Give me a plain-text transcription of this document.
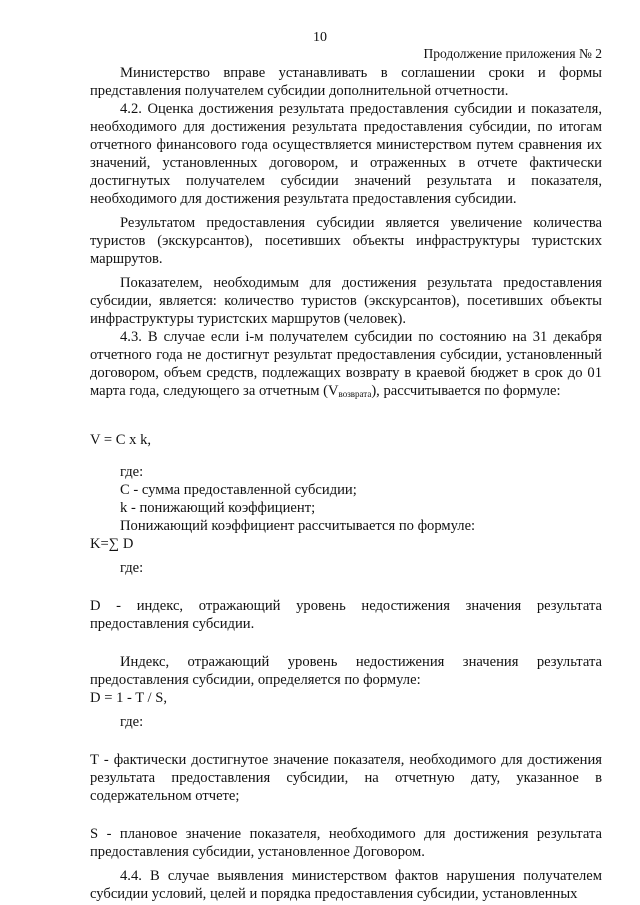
10
Продолжение приложения № 2

Министерство вправе устанавливать в соглашении сроки и формы представления получателем субсидии дополнительной отчетности.

4.2. Оценка достижения результата предоставления субсидии и показателя, необходимого для достижения результата предоставления субсидии, по итогам отчетного финансового года осуществляется министерством путем сравнения их значений, установленных договором, и отраженных в отчете фактически достигнутых получателем субсидии значений результата и показателя, необходимого для достижения результата предоставления субсидии.

Результатом предоставления субсидии является увеличение количества туристов (экскурсантов), посетивших объекты инфраструктуры туристских маршрутов.

Показателем, необходимым для достижения результата предоставления субсидии, является: количество туристов (экскурсантов), посетивших объекты инфраструктуры туристских маршрутов (человек).

4.3. В случае если i-м получателем субсидии по состоянию на 31 декабря отчетного года не достигнут результат предоставления субсидии, установленный договором, объем средств, подлежащих возврату в краевой бюджет в срок до 01 марта года, следующего за отчетным $(V_{возврата})$, рассчитывается по формуле:

V = C x k,

где:

С - сумма предоставленной субсидии;

k - понижающий коэффициент;

Понижающий коэффициент рассчитывается по формуле:

K=∑ D

где:

D - индекс, отражающий уровень недостижения значения результата предоставления субсидии.

Индекс, отражающий уровень недостижения значения результата предоставления субсидии, определяется по формуле:

D = 1 - T / S,

где:

Т - фактически достигнутое значение показателя, необходимого для достижения результата предоставления субсидии, на отчетную дату, указанное в содержательном отчете;

S - плановое значение показателя, необходимого для достижения результата предоставления субсидии, установленное Договором.

4.4. В случае выявления министерством фактов нарушения получателем субсидии условий, целей и порядка предоставления субсидии, установленных
